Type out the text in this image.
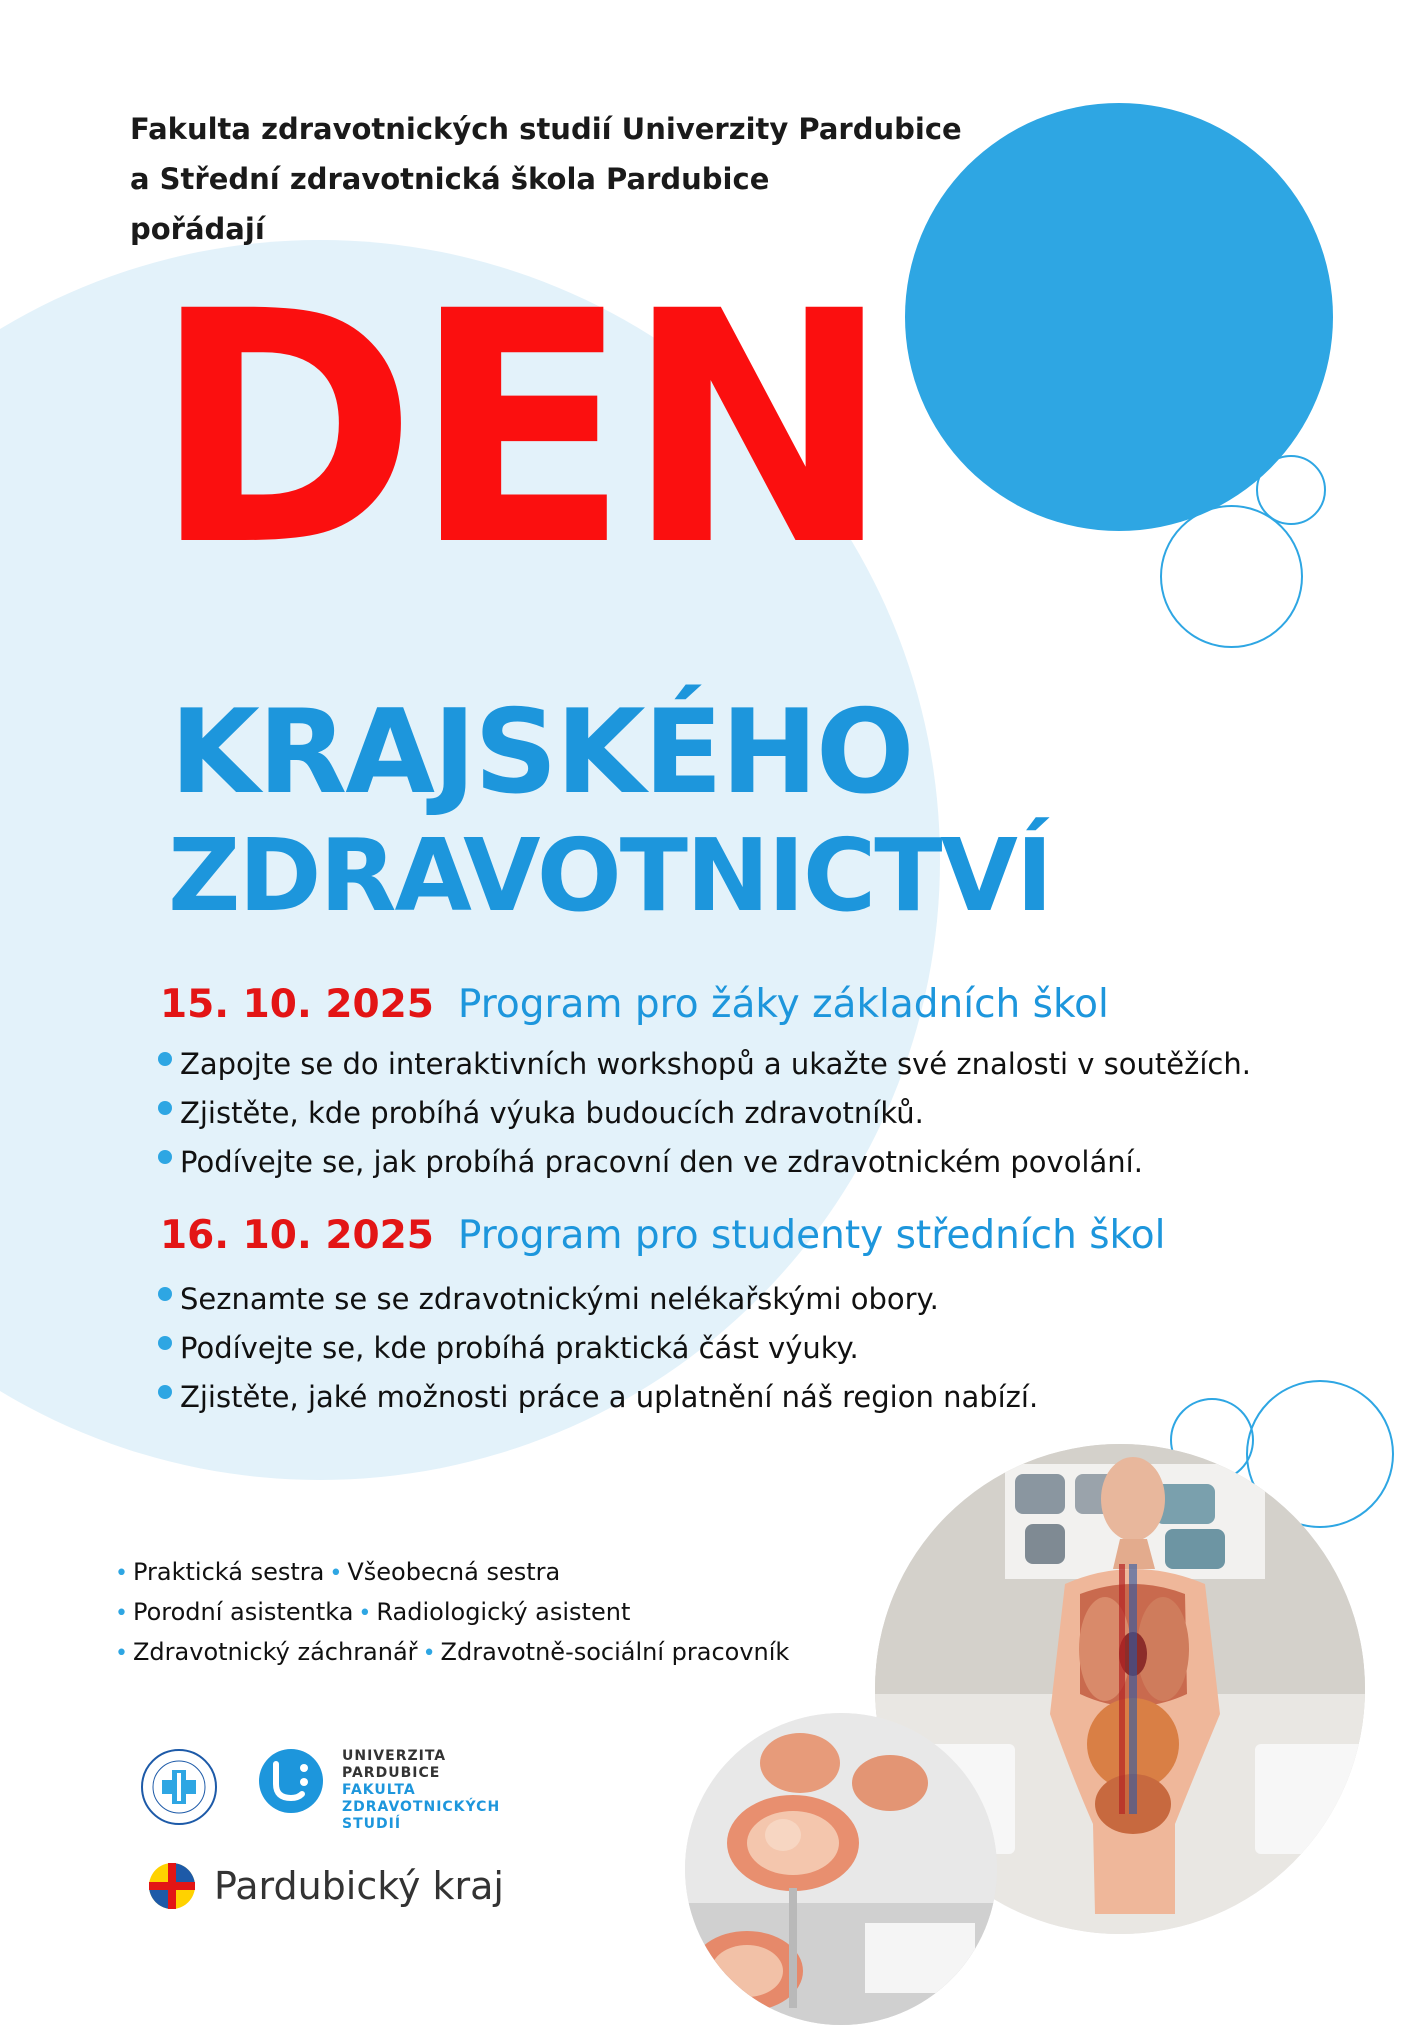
Fakulta zdravotnických studií Univerzity Pardubice
a Střední zdravotnická škola Pardubice
pořádají
DEN
KRAJSKÉHO
ZDRAVOTNICTVÍ
15. 10. 2025 Program pro žáky základních škol
Zapojte se do interaktivních workshopů a ukažte své znalosti v soutěžích.
Zjistěte, kde probíhá výuka budoucích zdravotníků.
Podívejte se, jak probíhá pracovní den ve zdravotnickém povolání.
16. 10. 2025 Program pro studenty středních škol
Seznamte se se zdravotnickými nelékařskými obory.
Podívejte se, kde probíhá praktická část výuky.
Zjistěte, jaké možnosti práce a uplatnění náš region nabízí.
• Praktická sestra • Všeobecná sestra
• Porodní asistentka • Radiologický asistent
• Zdravotnický záchranář • Zdravotně-sociální pracovník
UNIVERZITA
PARDUBICE
FAKULTA
ZDRAVOTNICKÝCH
STUDIÍ
Pardubický kraj
